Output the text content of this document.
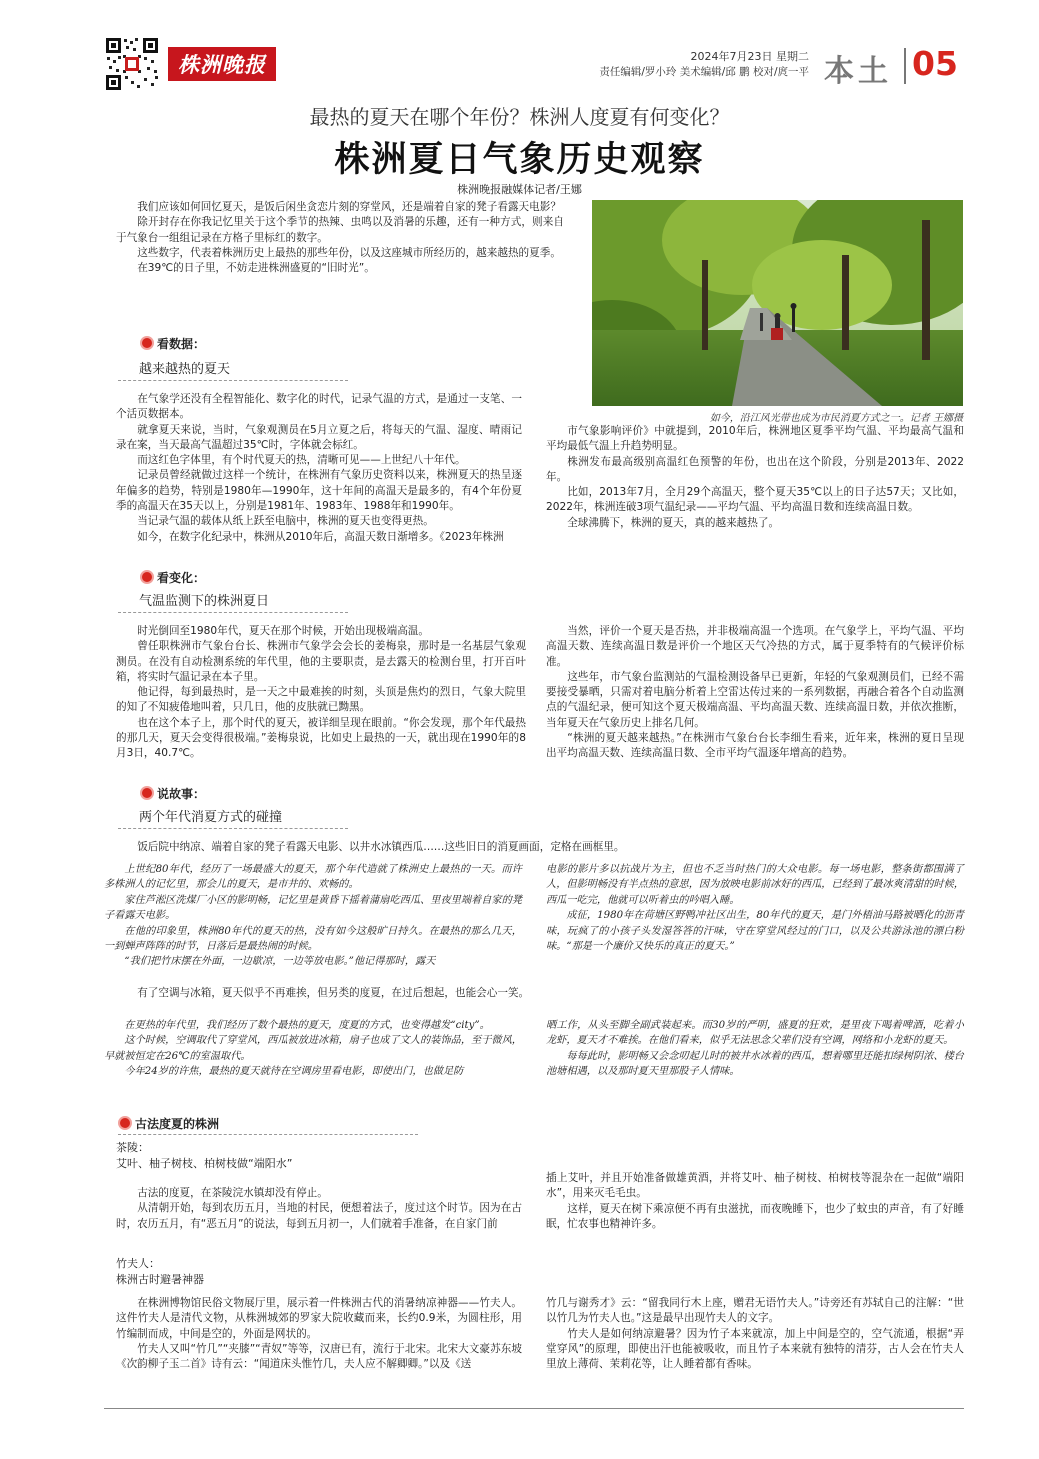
株洲晚报	2024年7月23日 星期二
责任编辑/罗小玲 美术编辑/邱 鹏 校对/庹一平 本土 05
最热的夏天在哪个年份？株洲人度夏有何变化？
株洲夏日气象历史观察
株洲晚报融媒体记者/王娜

我们应该如何回忆夏天，是饭后闲坐贪恋片刻的穿堂风，还是端着自家的凳子看露天电影？

除开封存在你我记忆里关于这个季节的热辣、虫鸣以及消暑的乐趣，还有一种方式，则来自于气象台一组组记录在方格子里标红的数字。

这些数字，代表着株洲历史上最热的那些年份，以及这座城市所经历的，越来越热的夏季。

在39℃的日子里，不妨走进株洲盛夏的“旧时光”。

如今，沿江风光带也成为市民消夏方式之一。记者 王娜摄
看数据：
越来越热的夏天

在气象学还没有全程智能化、数字化的时代，记录气温的方式，是通过一支笔、一个活页数据本。

就拿夏天来说，当时，气象观测员在5月立夏之后，将每天的气温、湿度、晴雨记录在案，当天最高气温超过35℃时，字体就会标红。

而这红色字体里，有个时代夏天的热，清晰可见——上世纪八十年代。

记录员曾经就做过这样一个统计，在株洲有气象历史资料以来，株洲夏天的热呈逐年偏多的趋势，特别是1980年—1990年，这十年间的高温天是最多的，有4个年份夏季的高温天在35天以上，分别是1981年、1983年、1988年和1990年。

当记录气温的载体从纸上跃至电脑中，株洲的夏天也变得更热。

如今，在数字化纪录中，株洲从2010年后，高温天数日渐增多。《2023年株洲

市气象影响评价》中就提到，2010年后，株洲地区夏季平均气温、平均最高气温和平均最低气温上升趋势明显。

株洲发布最高级别高温红色预警的年份，也出在这个阶段，分别是2013年、2022年。

比如，2013年7月，全月29个高温天，整个夏天35℃以上的日子达57天；又比如，2022年，株洲连破3项气温纪录——平均气温、平均高温日数和连续高温日数。

全球沸腾下，株洲的夏天，真的越来越热了。

看变化：
气温监测下的株洲夏日

时光倒回至1980年代，夏天在那个时候，开始出现极端高温。

曾任职株洲市气象台台长、株洲市气象学会会长的姜梅泉，那时是一名基层气象观测员。在没有自动检测系统的年代里，他的主要职责，是去露天的检测台里，打开百叶箱，将实时气温记录在本子里。

他记得，每到最热时，是一天之中最难挨的时刻，头顶是焦灼的烈日，气象大院里的知了不知疲倦地叫着，只几日，他的皮肤就已黝黑。

也在这个本子上，那个时代的夏天，被详细呈现在眼前。“你会发现，那个年代最热的那几天，夏天会变得很极端。”姜梅泉说，比如史上最热的一天，就出现在1990年的8月3日，40.7℃。

当然，评价一个夏天是否热，并非极端高温一个选项。在气象学上，平均气温、平均高温天数、连续高温日数是评价一个地区天气冷热的方式，属于夏季特有的气候评价标准。

这些年，市气象台监测站的气温检测设备早已更新，年轻的气象观测员们，已经不需要接受暴晒，只需对着电脑分析着上空雷达传过来的一系列数据，再融合着各个自动监测点的气温纪录，便可知这个夏天极端高温、平均高温天数、连续高温日数，并依次推断，当年夏天在气象历史上排名几何。

“株洲的夏天越来越热。”在株洲市气象台台长李细生看来，近年来，株洲的夏日呈现出平均高温天数、连续高温日数、全市平均气温逐年增高的趋势。

说故事：
两个年代消夏方式的碰撞

饭后院中纳凉、端着自家的凳子看露天电影、以井水冰镇西瓜……这些旧日的消夏画面，定格在画框里。

上世纪80年代，经历了一场最盛大的夏天，那个年代造就了株洲史上最热的一天。而许多株洲人的记忆里，那会儿的夏天，是市井的、欢畅的。

家住芦淞区洗煤厂小区的影明畅，记忆里是黄昏下摇着蒲扇吃西瓜、里夜里端着自家的凳子看露天电影。

在他的印象里，株洲80年代的夏天的热，没有如今这般旷日持久。在最热的那么几天，一到蝉声阵阵的时节，日落后是最热闹的时候。

“我们把竹床摆在外面，一边歇凉，一边等放电影。”他记得那时，露天

电影的影片多以抗战片为主，但也不乏当时热门的大众电影。每一场电影，整条街都围满了人，但影明畅没有半点热的意思，因为放映电影前冰好的西瓜，已经到了最冰爽清甜的时候，西瓜一吃完，他就可以听着虫的吟唱入睡。

成征，1980年在荷塘区野鸭冲社区出生，80年代的夏天，是门外梧油马路被晒化的沥青味，玩疯了的小孩子头发湿答答的汗味，守在穿堂风经过的门口，以及公共游泳池的漂白粉味。“那是一个廉价又快乐的真正的夏天。”

有了空调与冰箱，夏天似乎不再难挨，但另类的度夏，在过后想起，也能会心一笑。

在更热的年代里，我们经历了数个最热的夏天，度夏的方式，也变得越发“city”。

这个时候，空调取代了穿堂风，西瓜被放进冰箱，扇子也成了文人的装饰品，至于微风，早就被恒定在26℃的室温取代。

今年24岁的许焦，最热的夏天就待在空调房里看电影，即使出门，也做足防

晒工作，从头至脚全副武装起来。而30岁的严明，盛夏的狂欢，是里夜下喝着啤酒，吃着小龙虾，夏天才不难挨。在他们看来，似乎无法思念父辈们没有空调，网络和小龙虾的夏天。

每每此时，影明畅又会念叨起儿时的被井水冰着的西瓜，想着哪里还能扣绿树阴浓、楼台池塘相遇，以及那时夏天里那股子人情味。

古法度夏的株洲
茶陵：
艾叶、柚子树枝、柏树枝做“端阳水”

古法的度夏，在茶陵浣水镇却没有停止。

从清朝开始，每到农历五月，当地的村民，便想着法子，度过这个时节。因为在古时，农历五月，有“恶五月”的说法，每到五月初一，人们就着手准备，在自家门前

插上艾叶，并且开始准备做雄黄酒，并将艾叶、柚子树枝、柏树枝等混杂在一起做“端阳水”，用来灭毛毛虫。

这样，夏天在树下乘凉便不再有虫滋扰，而夜晚睡下，也少了蚊虫的声音，有了好睡眠，忙农事也精神许多。

竹夫人：
株洲古时避暑神器

在株洲博物馆民俗文物展厅里，展示着一件株洲古代的消暑纳凉神器——竹夫人。这件竹夫人是清代文物，从株洲城郊的罗家大院收藏而来，长约0.9米，为圆柱形，用竹编制而成，中间是空的，外面是网状的。

竹夫人又叫“竹几”“夹膝”“青奴”等等，汉唐已有，流行于北宋。北宋大文豪苏东坡《次韵柳子玉二首》诗有云：“闻道床头惟竹几，夫人应不解卿卿。”以及《送

竹几与谢秀才》云：“留我同行木上座，赠君无语竹夫人。”诗旁还有苏轼自己的注解：“世以竹几为竹夫人也。”这是最早出现竹夫人的文字。

竹夫人是如何纳凉避暑？因为竹子本来就凉，加上中间是空的，空气流通，根据“弄堂穿风”的原理，即使出汗也能被吸收，而且竹子本来就有独特的清芬，古人会在竹夫人里放上薄荷、茉莉花等，让人睡着都有香味。
